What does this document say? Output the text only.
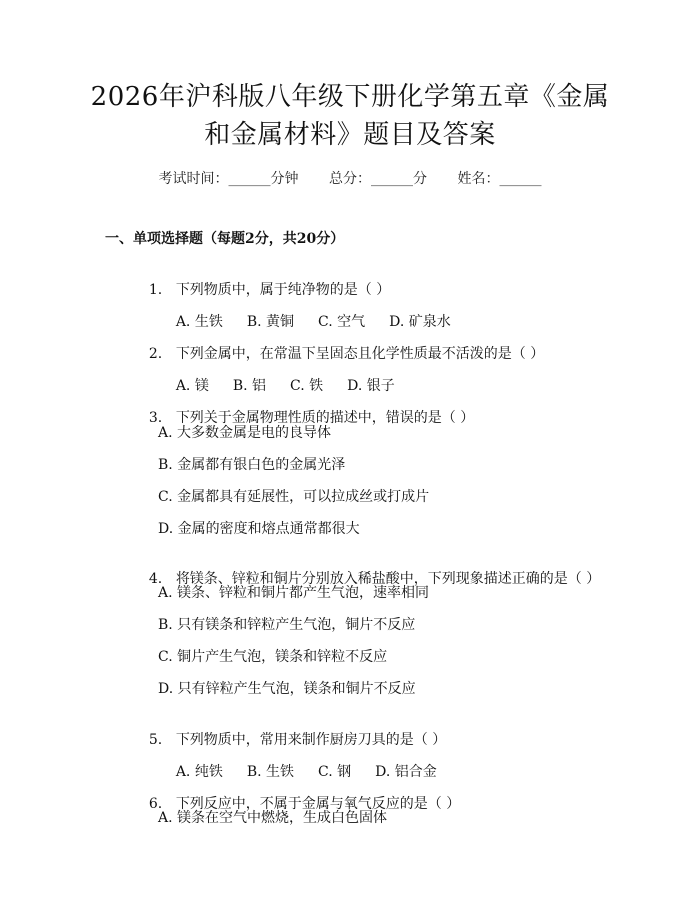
2026年沪科版八年级下册化学第五章《金属
和金属材料》题目及答案
考试时间：______分钟 总分：______分 姓名：______
一、单项选择题（每题2分，共20分）

1. 下列物质中，属于纯净物的是（ ）

A. 生铁 B. 黄铜 C. 空气 D. 矿泉水

2. 下列金属中，在常温下呈固态且化学性质最不活泼的是（ ）

A. 镁 B. 铝 C. 铁 D. 银子

3. 下列关于金属物理性质的描述中，错误的是（ ）

A. 大多数金属是电的良导体
B. 金属都有银白色的金属光泽
C. 金属都具有延展性，可以拉成丝或打成片
D. 金属的密度和熔点通常都很大

4. 将镁条、锌粒和铜片分别放入稀盐酸中，下列现象描述正确的是（ ）

A. 镁条、锌粒和铜片都产生气泡，速率相同
B. 只有镁条和锌粒产生气泡，铜片不反应
C. 铜片产生气泡，镁条和锌粒不反应
D. 只有锌粒产生气泡，镁条和铜片不反应

5. 下列物质中，常用来制作厨房刀具的是（ ）

A. 纯铁 B. 生铁 C. 钢 D. 铝合金

6. 下列反应中，不属于金属与氧气反应的是（ ）

A. 镁条在空气中燃烧，生成白色固体
